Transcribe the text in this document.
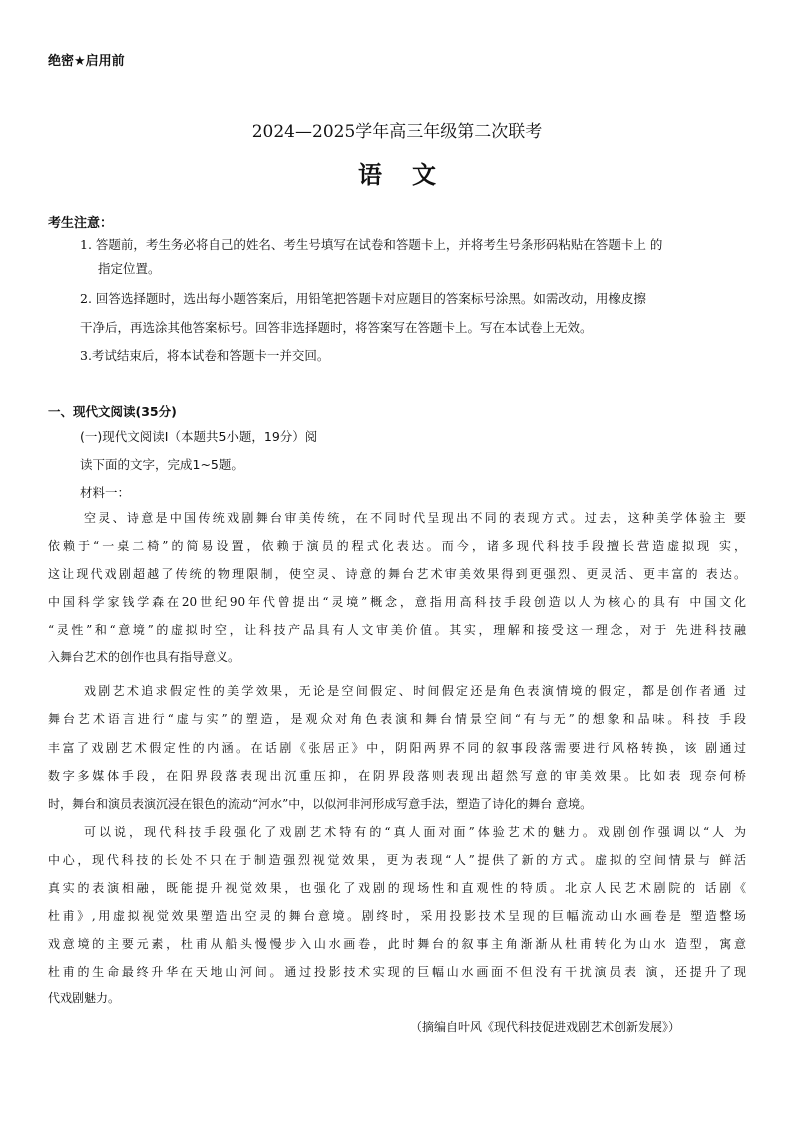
绝密★启用前
2024—2025学年高三年级第二次联考
语文
考生注意：
1. 答题前，考生务必将自己的姓名、考生号填写在试卷和答题卡上，并将考生号条形码粘贴在答题卡上 的
指定位置。
2. 回答选择题时，选出每小题答案后，用铅笔把答题卡对应题目的答案标号涂黑。如需改动，用橡皮擦
干净后，再选涂其他答案标号。回答非选择题时，将答案写在答题卡上。写在本试卷上无效。
3.考试结束后，将本试卷和答题卡一并交回。
一、现代文阅读(35分)
(一)现代文阅读I（本题共5小题，19分）阅
读下面的文字，完成1~5题。
材料一：
空灵、诗意是中国传统戏剧舞台审美传统，在不同时代呈现出不同的表现方式。过去，这种美学体验主 要
依赖于“一桌二椅”的简易设置，依赖于演员的程式化表达。而今，诸多现代科技手段擅长营造虚拟现 实，
这让现代戏剧超越了传统的物理限制，使空灵、诗意的舞台艺术审美效果得到更强烈、更灵活、更丰富的 表达。
中国科学家钱学森在20世纪90年代曾提出“灵境”概念，意指用高科技手段创造以人为核心的具有 中国文化
“灵性”和“意境”的虚拟时空，让科技产品具有人文审美价值。其实，理解和接受这一理念，对于 先进科技融
入舞台艺术的创作也具有指导意义。
戏剧艺术追求假定性的美学效果，无论是空间假定、时间假定还是角色表演情境的假定，都是创作者通 过
舞台艺术语言进行“虚与实”的塑造，是观众对角色表演和舞台情景空间“有与无”的想象和品味。科技 手段
丰富了戏剧艺术假定性的内涵。在话剧《张居正》中，阴阳两界不同的叙事段落需要进行风格转换，该 剧通过
数字多媒体手段，在阳界段落表现出沉重压抑，在阴界段落则表现出超然写意的审美效果。比如表 现奈何桥
时，舞台和演员表演沉浸在银色的流动“河水”中，以似河非河形成写意手法，塑造了诗化的舞台 意境。
可以说，现代科技手段强化了戏剧艺术特有的“真人面对面”体验艺术的魅力。戏剧创作强调以“人 为
中心，现代科技的长处不只在于制造强烈视觉效果，更为表现“人”提供了新的方式。虚拟的空间情景与 鲜活
真实的表演相融，既能提升视觉效果，也强化了戏剧的现场性和直观性的特质。北京人民艺术剧院的 话剧《
杜甫》,用虚拟视觉效果塑造出空灵的舞台意境。剧终时，采用投影技术呈现的巨幅流动山水画卷是 塑造整场
戏意境的主要元素，杜甫从船头慢慢步入山水画卷，此时舞台的叙事主角渐渐从杜甫转化为山水 造型，寓意
杜甫的生命最终升华在天地山河间。通过投影技术实现的巨幅山水画面不但没有干扰演员表 演，还提升了现
代戏剧魅力。
（摘编自叶风《现代科技促进戏剧艺术创新发展》）
